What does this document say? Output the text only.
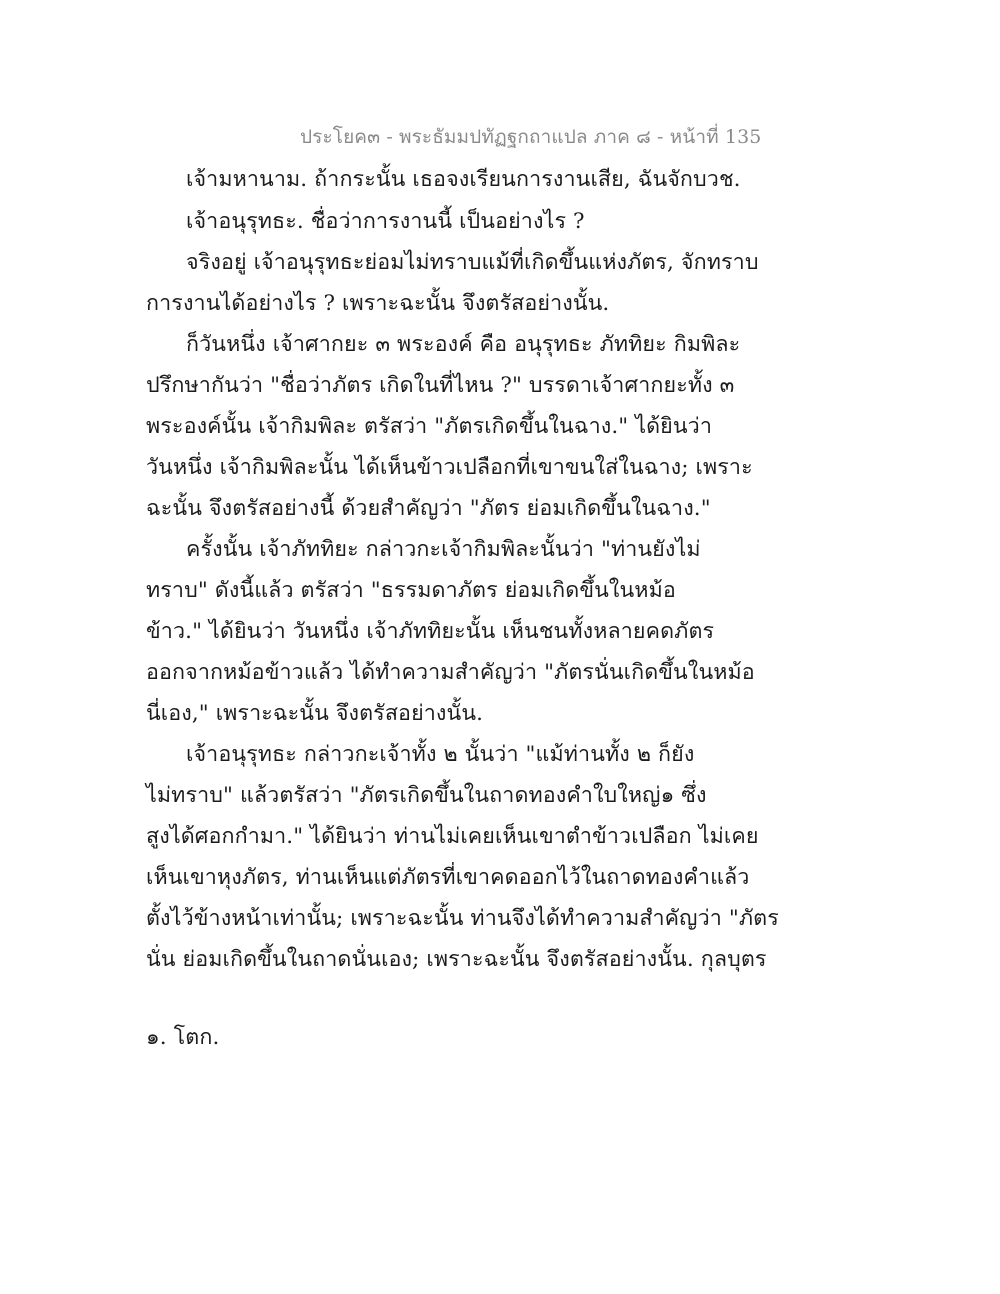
ประโยค๓ - พระธัมมปทัฏฐกถาแปล ภาค ๘ - หน้าที่ 135
เจ้ามหานาม. ถ้ากระนั้น เธอจงเรียนการงานเสีย, ฉันจักบวช.
เจ้าอนุรุทธะ. ชื่อว่าการงานนี้ เป็นอย่างไร ?
จริงอยู่ เจ้าอนุรุทธะย่อมไม่ทราบแม้ที่เกิดขึ้นแห่งภัตร, จักทราบ
การงานได้อย่างไร ? เพราะฉะนั้น จึงตรัสอย่างนั้น.
ก็วันหนึ่ง เจ้าศากยะ ๓ พระองค์ คือ อนุรุทธะ ภัททิยะ กิมพิละ
ปรึกษากันว่า "ชื่อว่าภัตร เกิดในที่ไหน ?" บรรดาเจ้าศากยะทั้ง ๓
พระองค์นั้น เจ้ากิมพิละ ตรัสว่า "ภัตรเกิดขึ้นในฉาง." ได้ยินว่า
วันหนึ่ง เจ้ากิมพิละนั้น ได้เห็นข้าวเปลือกที่เขาขนใส่ในฉาง; เพราะ
ฉะนั้น จึงตรัสอย่างนี้ ด้วยสำคัญว่า "ภัตร ย่อมเกิดขึ้นในฉาง."
ครั้งนั้น เจ้าภัททิยะ กล่าวกะเจ้ากิมพิละนั้นว่า "ท่านยังไม่
ทราบ" ดังนี้แล้ว ตรัสว่า "ธรรมดาภัตร ย่อมเกิดขึ้นในหม้อ
ข้าว." ได้ยินว่า วันหนึ่ง เจ้าภัททิยะนั้น เห็นชนทั้งหลายคดภัตร
ออกจากหม้อข้าวแล้ว ได้ทำความสำคัญว่า "ภัตรนั่นเกิดขึ้นในหม้อ
นี่เอง," เพราะฉะนั้น จึงตรัสอย่างนั้น.
เจ้าอนุรุทธะ กล่าวกะเจ้าทั้ง ๒ นั้นว่า "แม้ท่านทั้ง ๒ ก็ยัง
ไม่ทราบ" แล้วตรัสว่า "ภัตรเกิดขึ้นในถาดทองคำใบใหญ่๑ ซึ่ง
สูงได้ศอกกำมา." ได้ยินว่า ท่านไม่เคยเห็นเขาตำข้าวเปลือก ไม่เคย
เห็นเขาหุงภัตร, ท่านเห็นแต่ภัตรที่เขาคดออกไว้ในถาดทองคำแล้ว
ตั้งไว้ข้างหน้าเท่านั้น; เพราะฉะนั้น ท่านจึงได้ทำความสำคัญว่า "ภัตร
นั่น ย่อมเกิดขึ้นในถาดนั่นเอง; เพราะฉะนั้น จึงตรัสอย่างนั้น. กุลบุตร
๑. โตก.
